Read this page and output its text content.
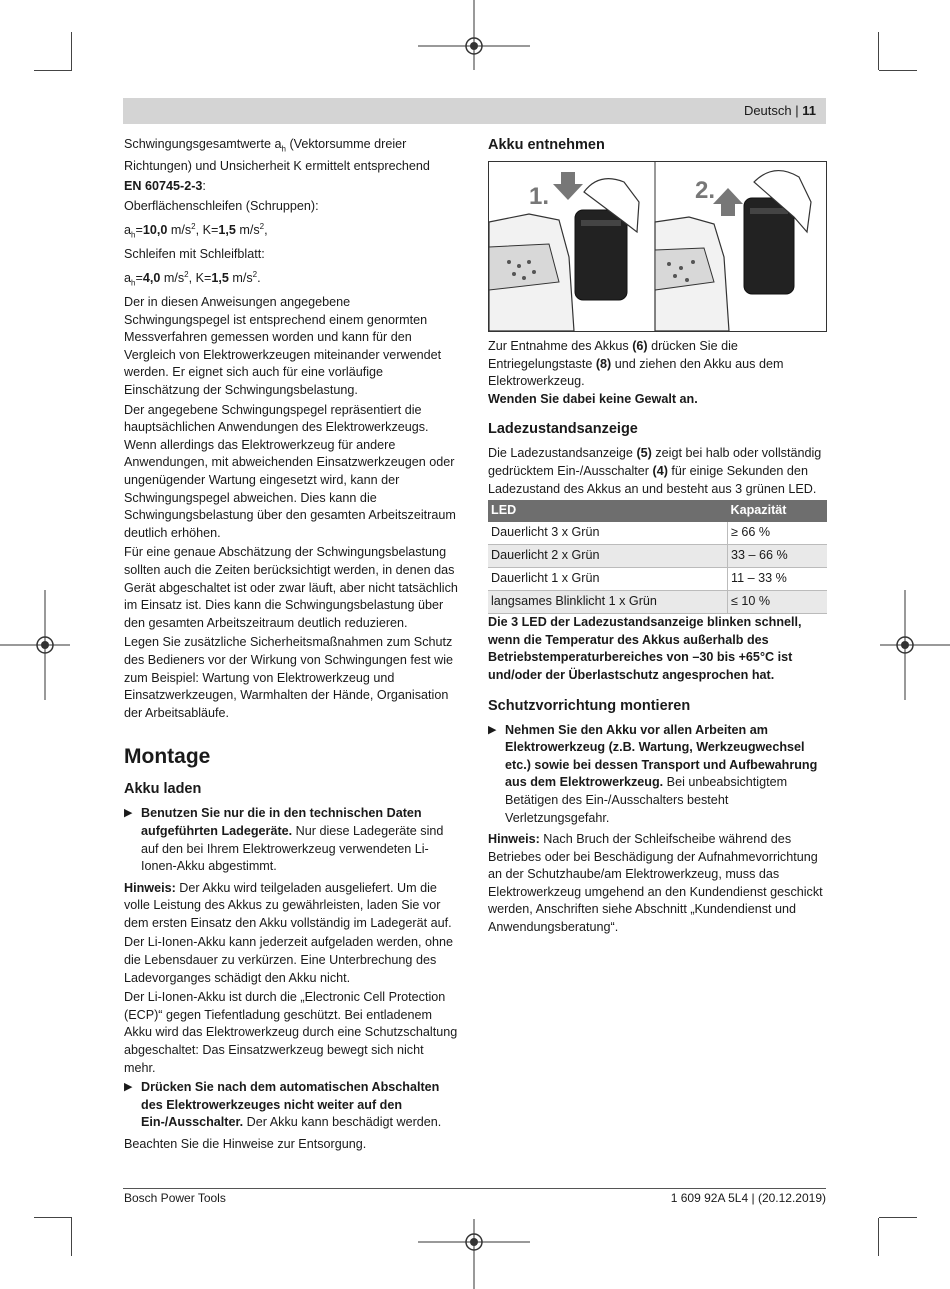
Deutsch | 11

Schwingungsgesamtwerte $a_h$ (Vektorsumme dreier Richtungen) und Unsicherheit K ermittelt entsprechend

EN 60745-2-3:

Oberflächenschleifen (Schruppen):

$a_h=10,0$ $m/s^2$, K=1,5 $m/s^2$,

Schleifen mit Schleifblatt:

$a_h=4,0$ $m/s^2$, K=1,5 $m/s^2$.

Der in diesen Anweisungen angegebene Schwingungspegel ist entsprechend einem genormten Messverfahren gemessen worden und kann für den Vergleich von Elektrowerkzeugen miteinander verwendet werden. Er eignet sich auch für eine vorläufige Einschätzung der Schwingungsbelastung.

Der angegebene Schwingungspegel repräsentiert die hauptsächlichen Anwendungen des Elektrowerkzeugs. Wenn allerdings das Elektrowerkzeug für andere Anwendungen, mit abweichenden Einsatzwerkzeugen oder ungenügender Wartung eingesetzt wird, kann der Schwingungspegel abweichen. Dies kann die Schwingungsbelastung über den gesamten Arbeitszeitraum deutlich erhöhen.

Für eine genaue Abschätzung der Schwingungsbelastung sollten auch die Zeiten berücksichtigt werden, in denen das Gerät abgeschaltet ist oder zwar läuft, aber nicht tatsächlich im Einsatz ist. Dies kann die Schwingungsbelastung über den gesamten Arbeitszeitraum deutlich reduzieren.

Legen Sie zusätzliche Sicherheitsmaßnahmen zum Schutz des Bedieners vor der Wirkung von Schwingungen fest wie zum Beispiel: Wartung von Elektrowerkzeug und Einsatzwerkzeugen, Warmhalten der Hände, Organisation der Arbeitsabläufe.

Montage
Akku laden
▶ Benutzen Sie nur die in den technischen Daten aufgeführten Ladegeräte. Nur diese Ladegeräte sind auf den bei Ihrem Elektrowerkzeug verwendeten Li-Ionen-Akku abgestimmt.

Hinweis: Der Akku wird teilgeladen ausgeliefert. Um die volle Leistung des Akkus zu gewährleisten, laden Sie vor dem ersten Einsatz den Akku vollständig im Ladegerät auf.

Der Li-Ionen-Akku kann jederzeit aufgeladen werden, ohne die Lebensdauer zu verkürzen. Eine Unterbrechung des Ladevorganges schädigt den Akku nicht.

Der Li-Ionen-Akku ist durch die „Electronic Cell Protection (ECP)“ gegen Tiefentladung geschützt. Bei entladenem Akku wird das Elektrowerkzeug durch eine Schutzschaltung abgeschaltet: Das Einsatzwerkzeug bewegt sich nicht mehr.

▶ Drücken Sie nach dem automatischen Abschalten des Elektrowerkzeuges nicht weiter auf den Ein-/Ausschalter. Der Akku kann beschädigt werden.

Beachten Sie die Hinweise zur Entsorgung.

Akku entnehmen
1.	2.

Zur Entnahme des Akkus (6) drücken Sie die Entriegelungstaste (8) und ziehen den Akku aus dem Elektrowerkzeug.
Wenden Sie dabei keine Gewalt an.

Ladezustandsanzeige

Die Ladezustandsanzeige (5) zeigt bei halb oder vollständig gedrücktem Ein-/Ausschalter (4) für einige Sekunden den Ladezustand des Akkus an und besteht aus 3 grünen LED.

LED	Kapazität
Dauerlicht 3 x Grün	≥ 66 %
Dauerlicht 2 x Grün	33 – 66 %
Dauerlicht 1 x Grün	11 – 33 %
langsames Blinklicht 1 x Grün	≤ 10 %

Die 3 LED der Ladezustandsanzeige blinken schnell, wenn die Temperatur des Akkus außerhalb des Betriebstemperaturbereiches von –30 bis +65°C ist und/oder der Überlastschutz angesprochen hat.

Schutzvorrichtung montieren
▶ Nehmen Sie den Akku vor allen Arbeiten am Elektrowerkzeug (z.B. Wartung, Werkzeugwechsel etc.) sowie bei dessen Transport und Aufbewahrung aus dem Elektrowerkzeug. Bei unbeabsichtigtem Betätigen des Ein-/Ausschalters besteht Verletzungsgefahr.

Hinweis: Nach Bruch der Schleifscheibe während des Betriebes oder bei Beschädigung der Aufnahmevorrichtung an der Schutzhaube/am Elektrowerkzeug, muss das Elektrowerkzeug umgehend an den Kundendienst geschickt werden, Anschriften siehe Abschnitt „Kundendienst und Anwendungsberatung“.

Bosch Power Tools	1 609 92A 5L4 | (20.12.2019)
